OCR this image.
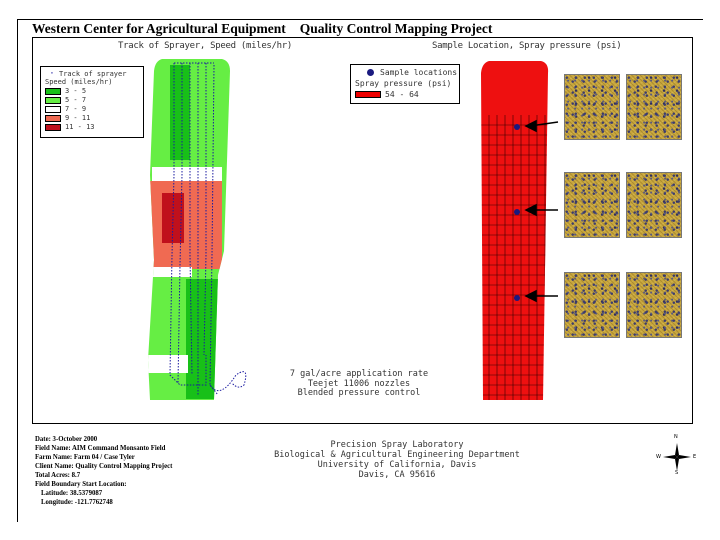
Western Center for Agricultural Equipment Quality Control Mapping Project
Track of Sprayer, Speed (miles/hr)	Sample Location, Spray pressure (psi)
· Track of sprayer
Speed (miles/hr)
3 - 5
5 - 7
7 - 9
9 - 11
11 - 13
Sample locations
Spray pressure (psi)
54 - 64
7 gal/acre application rate
Teejet 11006 nozzles
Blended pressure control
Date: 3-October 2000
Field Name: AIM Command Monsanto Field
Farm Name: Farm 04 / Case Tyler
Client Name: Quality Control Mapping Project
Total Acres: 8.7
Field Boundary Start Location:
Latitude: 38.5379087
Longitude: -121.7762748
Precision Spray Laboratory
Biological & Agricultural Engineering Department
University of California, Davis
Davis, CA 95616
N
S
E
W
